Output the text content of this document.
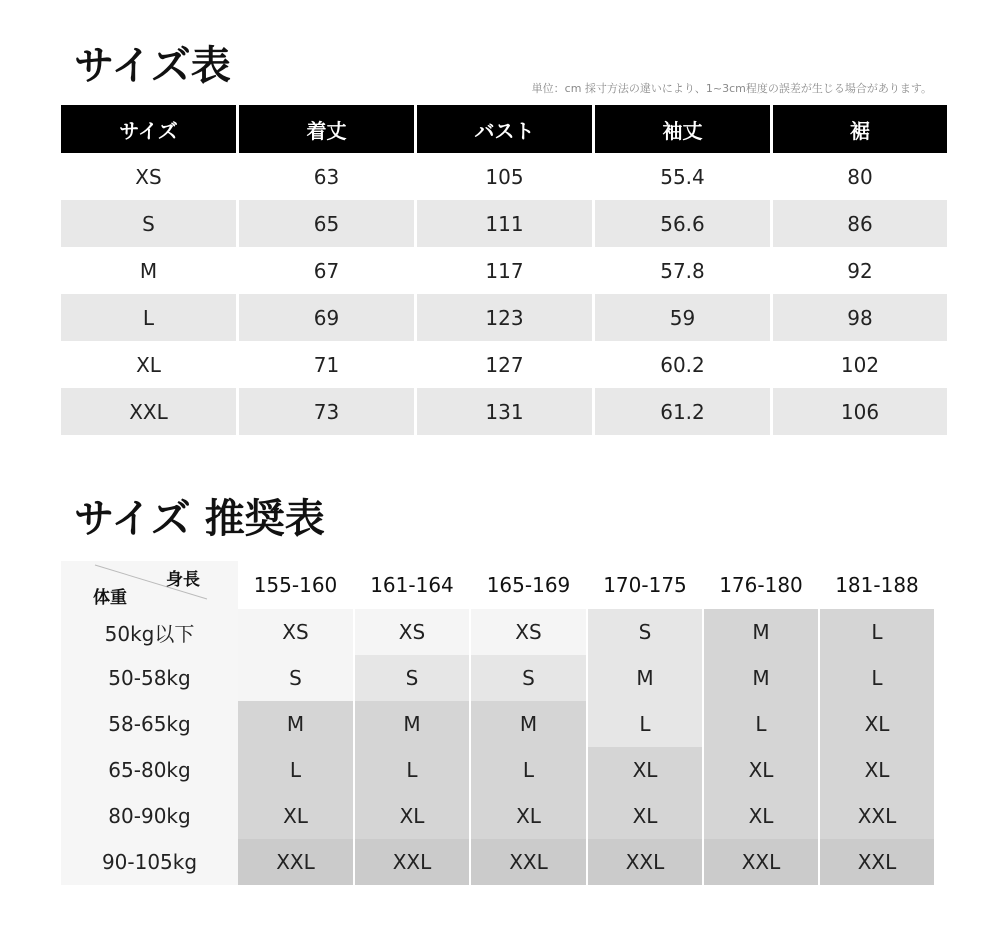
サイズ表	単位：cm 採寸方法の違いにより、1~3cm程度の誤差が生じる場合があります。
サイズ	着丈	バスト	袖丈	裾
XS	63	105	55.4	80
S	65	111	56.6	86
M	67	117	57.8	92
L	69	123	59	98
XL	71	127	60.2	102
XXL	73	131	61.2	106
サイズ 推奨表
身長
体重	155-160	161-164	165-169	170-175	176-180	181-188
50kg以下	XS	XS	XS	S	M	L
50-58kg	S	S	S	M	M	L
58-65kg	M	M	M	L	L	XL
65-80kg	L	L	L	XL	XL	XL
80-90kg	XL	XL	XL	XL	XL	XXL
90-105kg	XXL	XXL	XXL	XXL	XXL	XXL
